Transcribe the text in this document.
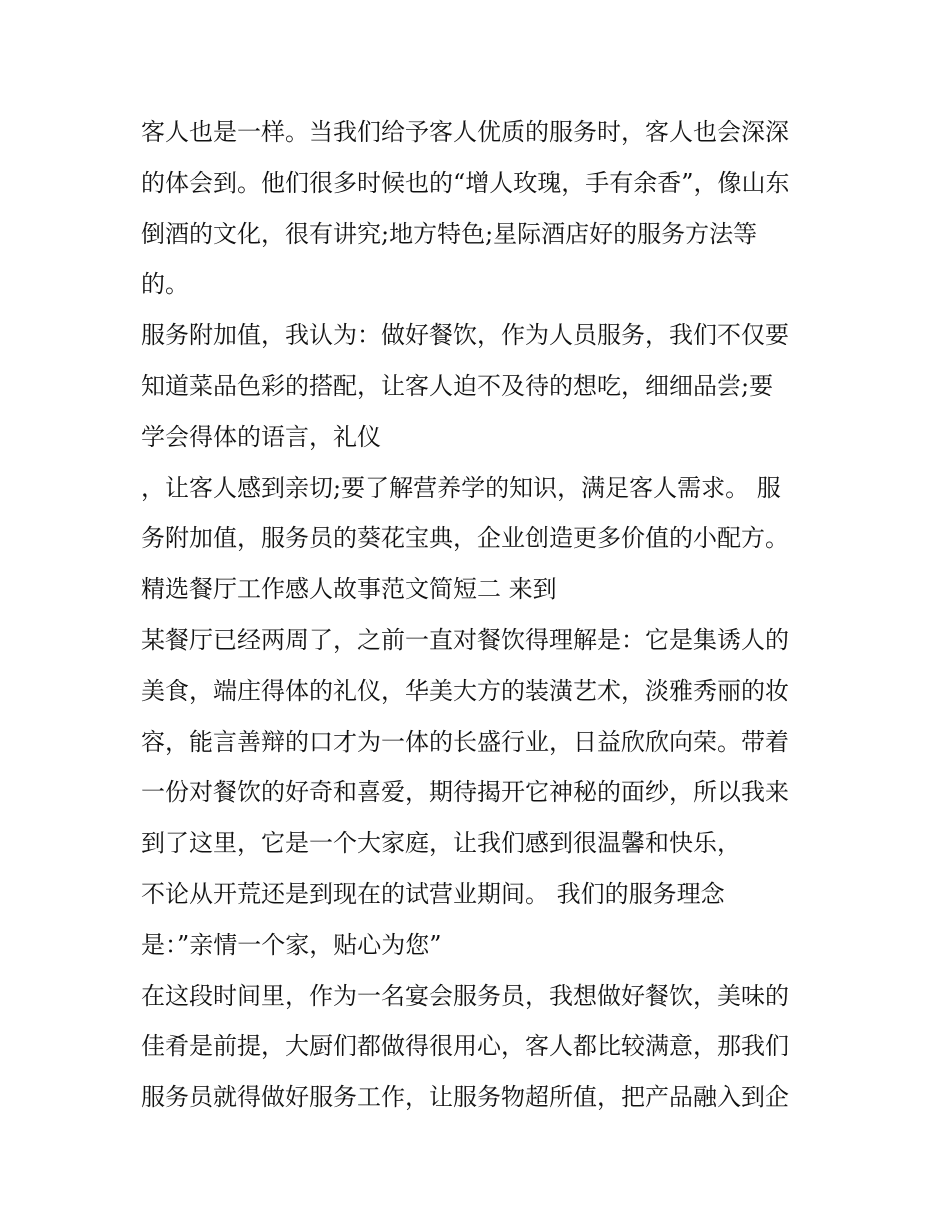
客人也是一样。当我们给予客人优质的服务时，客人也会深深
的体会到。他们很多时候也的“增人玫瑰，手有余香”，像山东
倒酒的文化，很有讲究;地方特色;星际酒店好的服务方法等
的。
服务附加值，我认为：做好餐饮，作为人员服务，我们不仅要
知道菜品色彩的搭配，让客人迫不及待的想吃，细细品尝;要
学会得体的语言，礼仪
，让客人感到亲切;要了解营养学的知识，满足客人需求。 服
务附加值，服务员的葵花宝典，企业创造更多价值的小配方。
精选餐厅工作感人故事范文简短二 来到
某餐厅已经两周了，之前一直对餐饮得理解是：它是集诱人的
美食，端庄得体的礼仪，华美大方的装潢艺术，淡雅秀丽的妆
容，能言善辩的口才为一体的长盛行业，日益欣欣向荣。带着
一份对餐饮的好奇和喜爱，期待揭开它神秘的面纱，所以我来
到了这里，它是一个大家庭，让我们感到很温馨和快乐，
不论从开荒还是到现在的试营业期间。 我们的服务理念
是：”亲情一个家，贴心为您”
在这段时间里，作为一名宴会服务员，我想做好餐饮，美味的
佳肴是前提，大厨们都做得很用心，客人都比较满意，那我们
服务员就得做好服务工作，让服务物超所值，把产品融入到企
